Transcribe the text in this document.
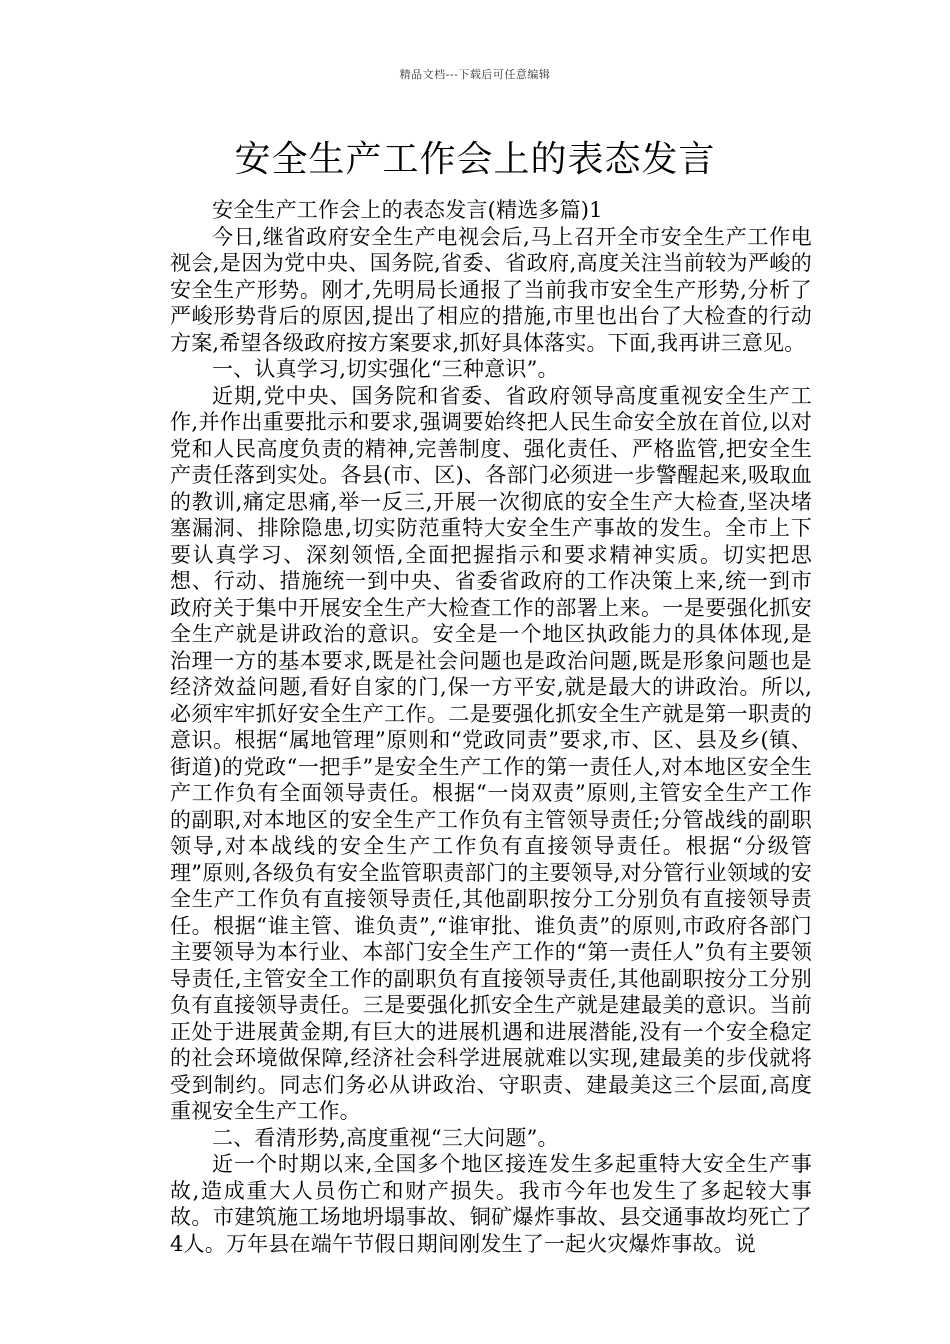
精品文档---下载后可任意编辑
安全生产工作会上的表态发言

安全生产工作会上的表态发言(精选多篇)1

今日,继省政府安全生产电视会后,马上召开全市安全生产工作电视会,是因为党中央、国务院,省委、省政府,高度关注当前较为严峻的安全生产形势。刚才,先明局长通报了当前我市安全生产形势,分析了严峻形势背后的原因,提出了相应的措施,市里也出台了大检查的行动方案,希望各级政府按方案要求,抓好具体落实。下面,我再讲三意见。

一、认真学习,切实强化“三种意识”。

近期,党中央、国务院和省委、省政府领导高度重视安全生产工作,并作出重要批示和要求,强调要始终把人民生命安全放在首位,以对党和人民高度负责的精神,完善制度、强化责任、严格监管,把安全生产责任落到实处。各县(市、区)、各部门必须进一步警醒起来,吸取血的教训,痛定思痛,举一反三,开展一次彻底的安全生产大检查,坚决堵塞漏洞、排除隐患,切实防范重特大安全生产事故的发生。全市上下要认真学习、深刻领悟,全面把握指示和要求精神实质。切实把思想、行动、措施统一到中央、省委省政府的工作决策上来,统一到市政府关于集中开展安全生产大检查工作的部署上来。一是要强化抓安全生产就是讲政治的意识。安全是一个地区执政能力的具体体现,是治理一方的基本要求,既是社会问题也是政治问题,既是形象问题也是经济效益问题,看好自家的门,保一方平安,就是最大的讲政治。所以,必须牢牢抓好安全生产工作。二是要强化抓安全生产就是第一职责的意识。根据“属地管理”原则和“党政同责”要求,市、区、县及乡(镇、街道)的党政“一把手”是安全生产工作的第一责任人,对本地区安全生产工作负有全面领导责任。根据“一岗双责”原则,主管安全生产工作的副职,对本地区的安全生产工作负有主管领导责任;分管战线的副职领导,对本战线的安全生产工作负有直接领导责任。根据“分级管理”原则,各级负有安全监管职责部门的主要领导,对分管行业领域的安全生产工作负有直接领导责任,其他副职按分工分别负有直接领导责任。根据“谁主管、谁负责”,“谁审批、谁负责”的原则,市政府各部门主要领导为本行业、本部门安全生产工作的“第一责任人”负有主要领导责任,主管安全工作的副职负有直接领导责任,其他副职按分工分别负有直接领导责任。三是要强化抓安全生产就是建最美的意识。当前正处于进展黄金期,有巨大的进展机遇和进展潜能,没有一个安全稳定的社会环境做保障,经济社会科学进展就难以实现,建最美的步伐就将受到制约。同志们务必从讲政治、守职责、建最美这三个层面,高度重视安全生产工作。

二、看清形势,高度重视“三大问题”。

近一个时期以来,全国多个地区接连发生多起重特大安全生产事故,造成重大人员伤亡和财产损失。我市今年也发生了多起较大事故。市建筑施工场地坍塌事故、铜矿爆炸事故、县交通事故均死亡了4人。万年县在端午节假日期间刚发生了一起火灾爆炸事故。说
